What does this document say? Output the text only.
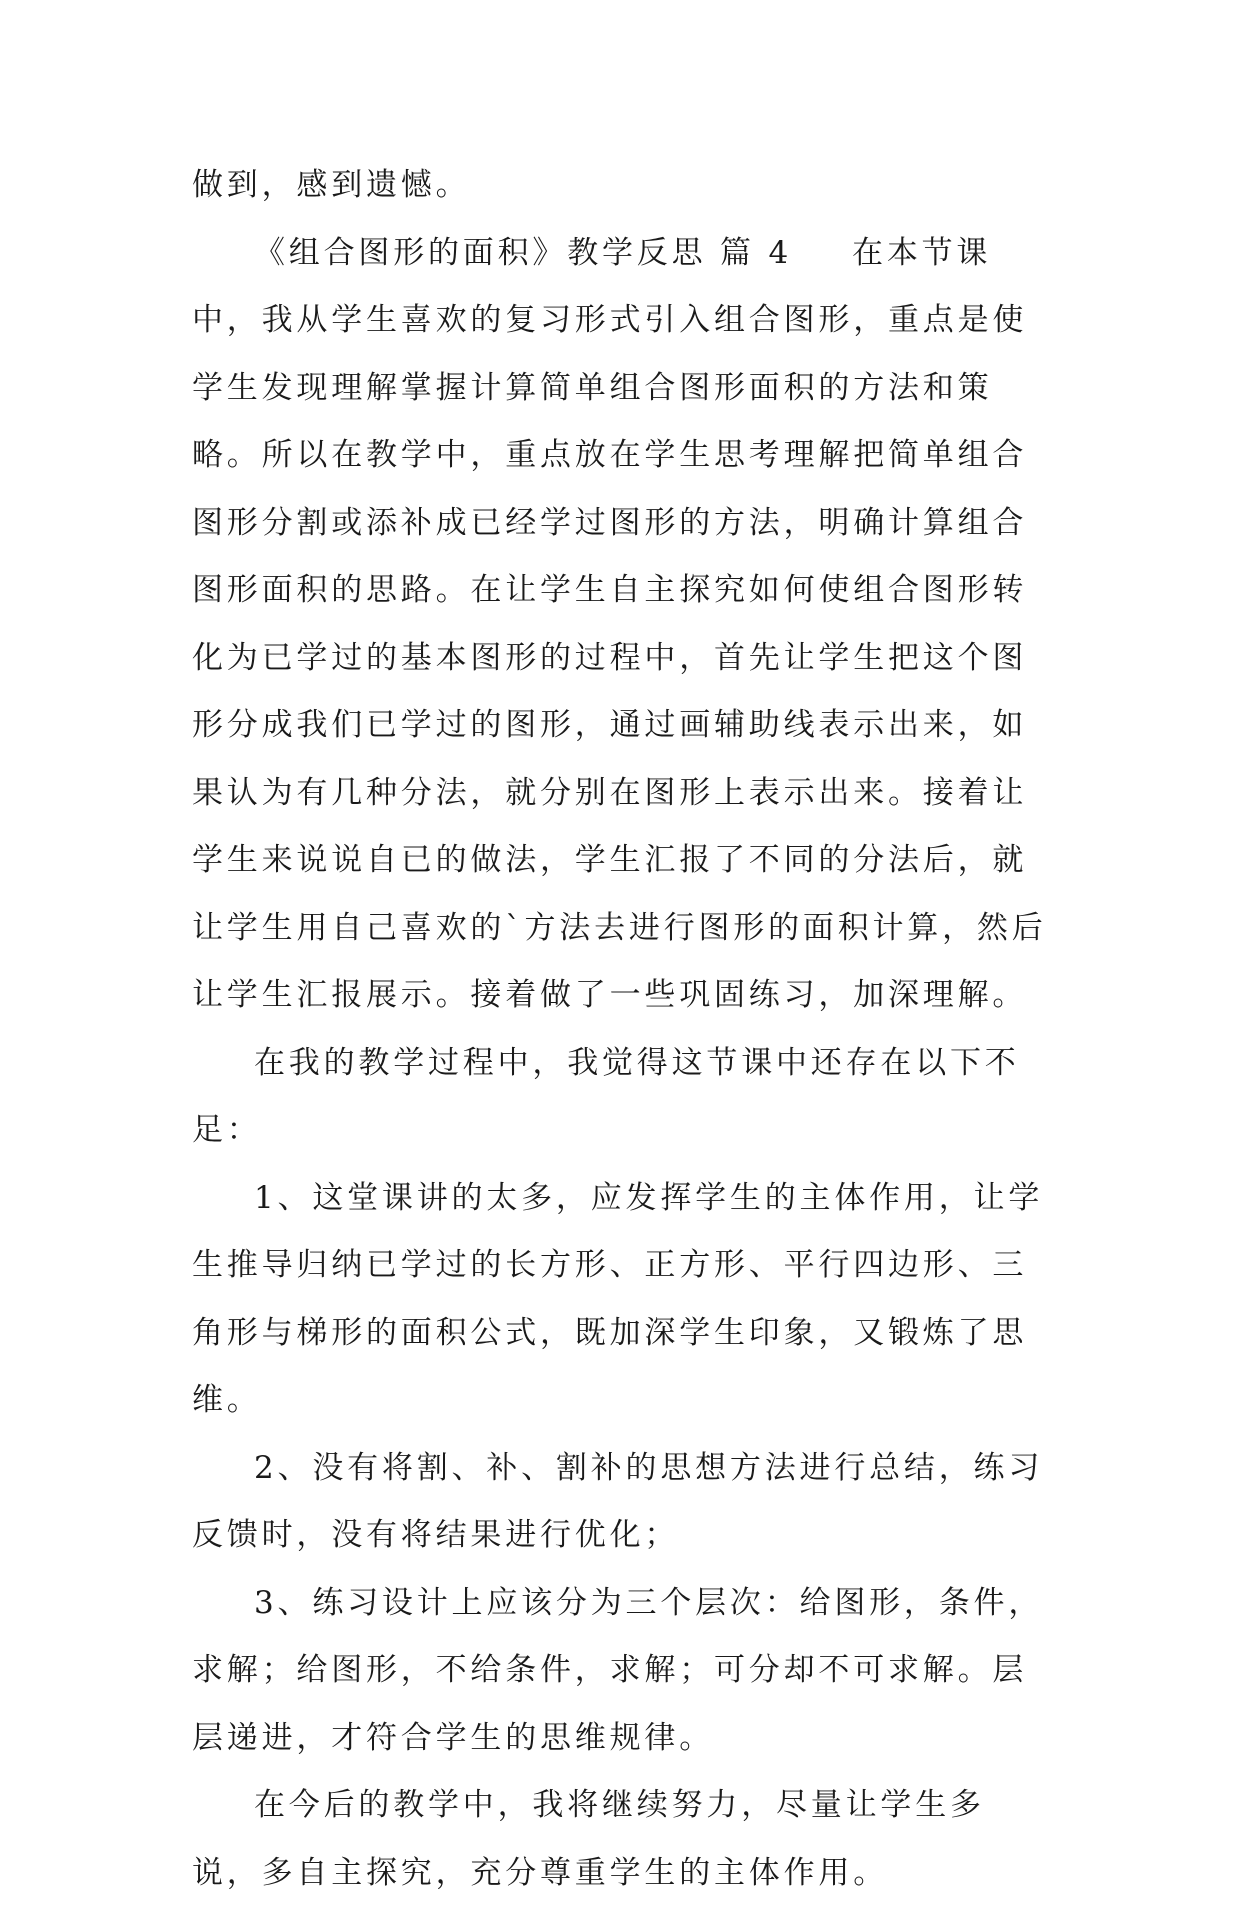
做到，感到遗憾。

《组合图形的面积》教学反思 篇 4 在本节课中，我从学生喜欢的复习形式引入组合图形，重点是使学生发现理解掌握计算简单组合图形面积的方法和策略。所以在教学中，重点放在学生思考理解把简单组合图形分割或添补成已经学过图形的方法，明确计算组合图形面积的思路。在让学生自主探究如何使组合图形转化为已学过的基本图形的过程中，首先让学生把这个图形分成我们已学过的图形，通过画辅助线表示出来，如果认为有几种分法，就分别在图形上表示出来。接着让学生来说说自已的做法，学生汇报了不同的分法后，就让学生用自己喜欢的`方法去进行图形的面积计算，然后让学生汇报展示。接着做了一些巩固练习，加深理解。

在我的教学过程中，我觉得这节课中还存在以下不足：

1、这堂课讲的太多，应发挥学生的主体作用，让学生推导归纳已学过的长方形、正方形、平行四边形、三角形与梯形的面积公式，既加深学生印象，又锻炼了思维。

2、没有将割、补、割补的思想方法进行总结，练习反馈时，没有将结果进行优化；

3、练习设计上应该分为三个层次：给图形，条件，求解；给图形，不给条件，求解；可分却不可求解。层层递进，才符合学生的思维规律。

在今后的教学中，我将继续努力，尽量让学生多说，多自主探究，充分尊重学生的主体作用。
